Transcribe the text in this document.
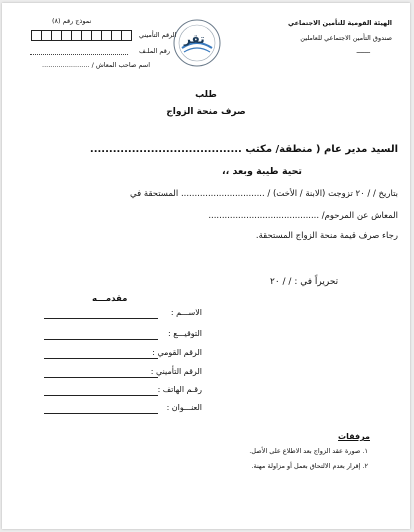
الهيئة القومية للتأمين الاجتماعي
صندوق التأمين الاجتماعي للعاملين
ـــــــ
تقر
نموذج رقم (٨)
الرقم التأميني
رقم الملـف
اسم صاحب المعاش / .......................
طلب
صرف منحة الزواج
السيد مدير عام ( منطقة/ مكتب ........................................
تحية طيبة وبعد ،،
بتاريخ / / ٢٠ تزوجت (الابنة / الأخت) / ............................... المستحقة في
المعاش عن المرحوم/ .........................................
رجاء صرف قيمة منحة الزواج المستحقة.
تحريراً في : / / ٢٠
مقدمـــه
الاســـم :
التوقيـــع :
الرقم القومي :
الرقم التأميني :
رقـم الهاتف :
العنـــوان :
مرفقات
١. صورة عقد الزواج بعد الاطلاع على الأصل.
٢. إقرار بعدم الالتحاق بعمل أو مزاولة مهنة.
